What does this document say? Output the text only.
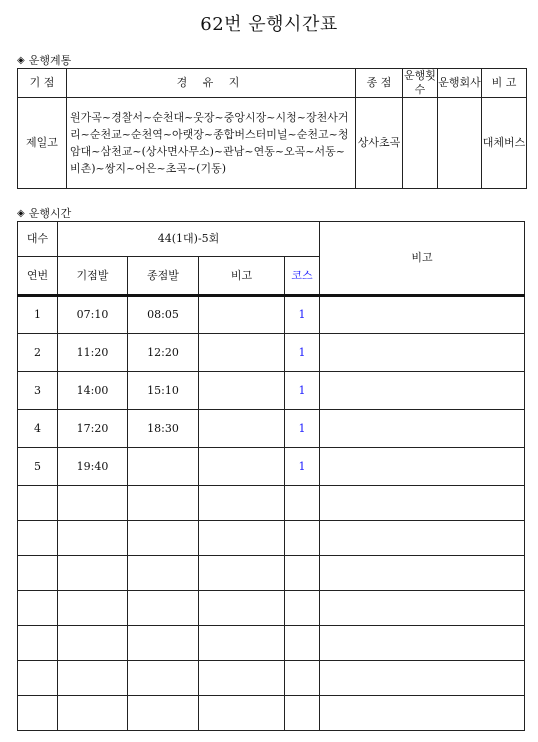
62번 운행시간표
◈ 운행계통
기 점	경 유 지	종 점	운행횟수	운행회사	비 고
제일고	원가곡~경찰서~순천대~웃장~중앙시장~시청~장천사거리~순천교~순천역~아랫장~종합버스터미널~순천고~청암대~삼천교~(상사면사무소)~관남~연동~오곡~서동~비촌)~쌍지~어은~초곡~(기동)	상사초곡			대체버스
◈ 운행시간
대수	44(1대)-5회				비고
연번	기점발	종점발	비고	코스	
1	07:10	08:05		1	
2	11:20	12:20		1	
3	14:00	15:10		1	
4	17:20	18:30		1	
5	19:40			1	
